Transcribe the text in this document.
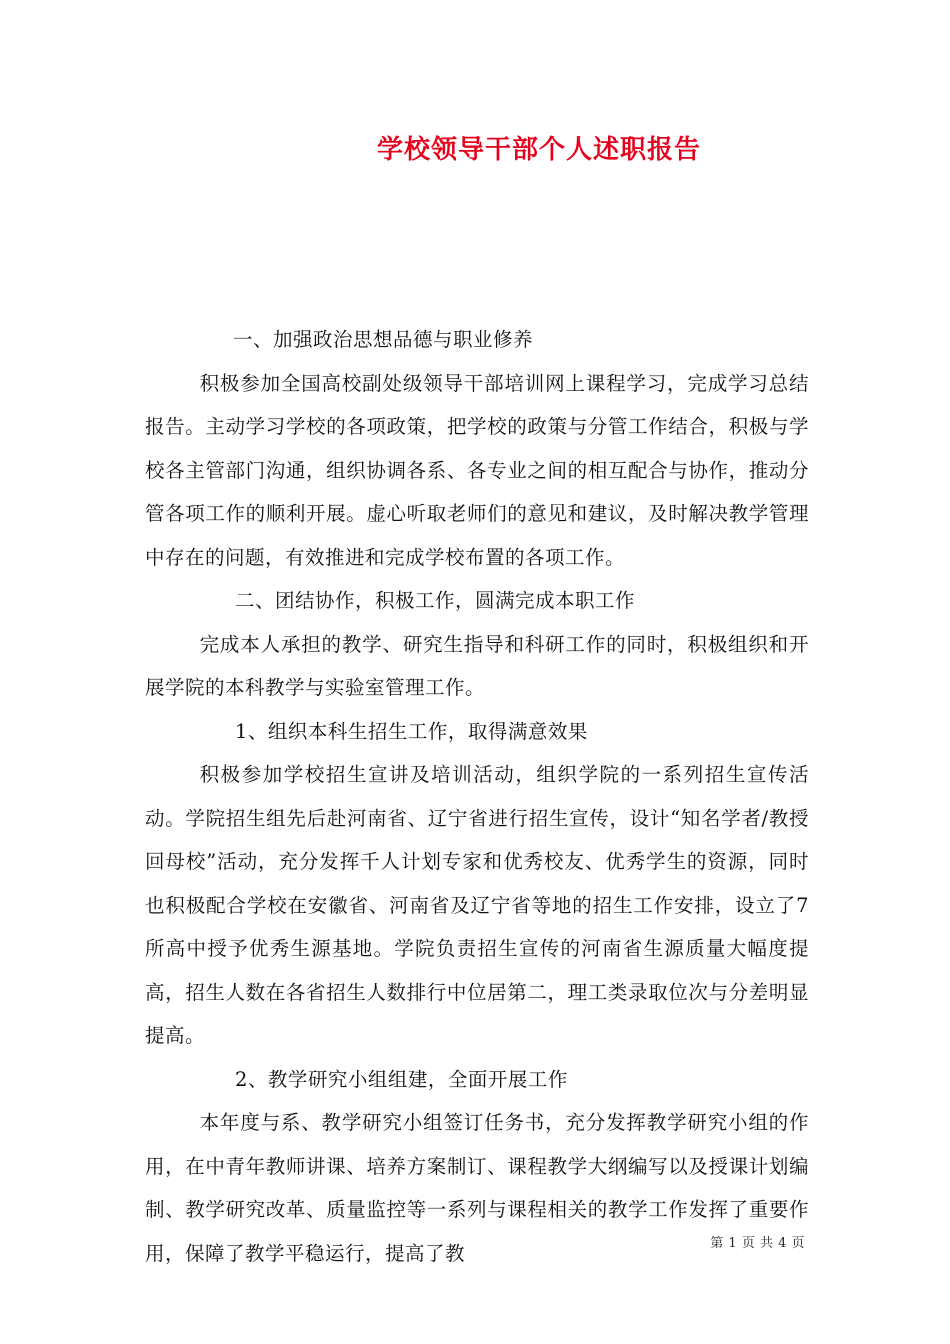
学校领导干部个人述职报告

一、加强政治思想品德与职业修养

积极参加全国高校副处级领导干部培训网上课程学习，完成学习总结报告。主动学习学校的各项政策，把学校的政策与分管工作结合，积极与学校各主管部门沟通，组织协调各系、各专业之间的相互配合与协作，推动分管各项工作的顺利开展。虚心听取老师们的意见和建议，及时解决教学管理中存在的问题，有效推进和完成学校布置的各项工作。

二、团结协作，积极工作，圆满完成本职工作

完成本人承担的教学、研究生指导和科研工作的同时，积极组织和开展学院的本科教学与实验室管理工作。

1、组织本科生招生工作，取得满意效果

积极参加学校招生宣讲及培训活动，组织学院的一系列招生宣传活动。学院招生组先后赴河南省、辽宁省进行招生宣传，设计“知名学者/教授回母校”活动，充分发挥千人计划专家和优秀校友、优秀学生的资源，同时也积极配合学校在安徽省、河南省及辽宁省等地的招生工作安排，设立了7所高中授予优秀生源基地。学院负责招生宣传的河南省生源质量大幅度提高，招生人数在各省招生人数排行中位居第二，理工类录取位次与分差明显提高。

2、教学研究小组组建，全面开展工作

本年度与系、教学研究小组签订任务书，充分发挥教学研究小组的作用，在中青年教师讲课、培养方案制订、课程教学大纲编写以及授课计划编制、教学研究改革、质量监控等一系列与课程相关的教学工作发挥了重要作用，保障了教学平稳运行，提高了教	第 1 页 共 4 页
